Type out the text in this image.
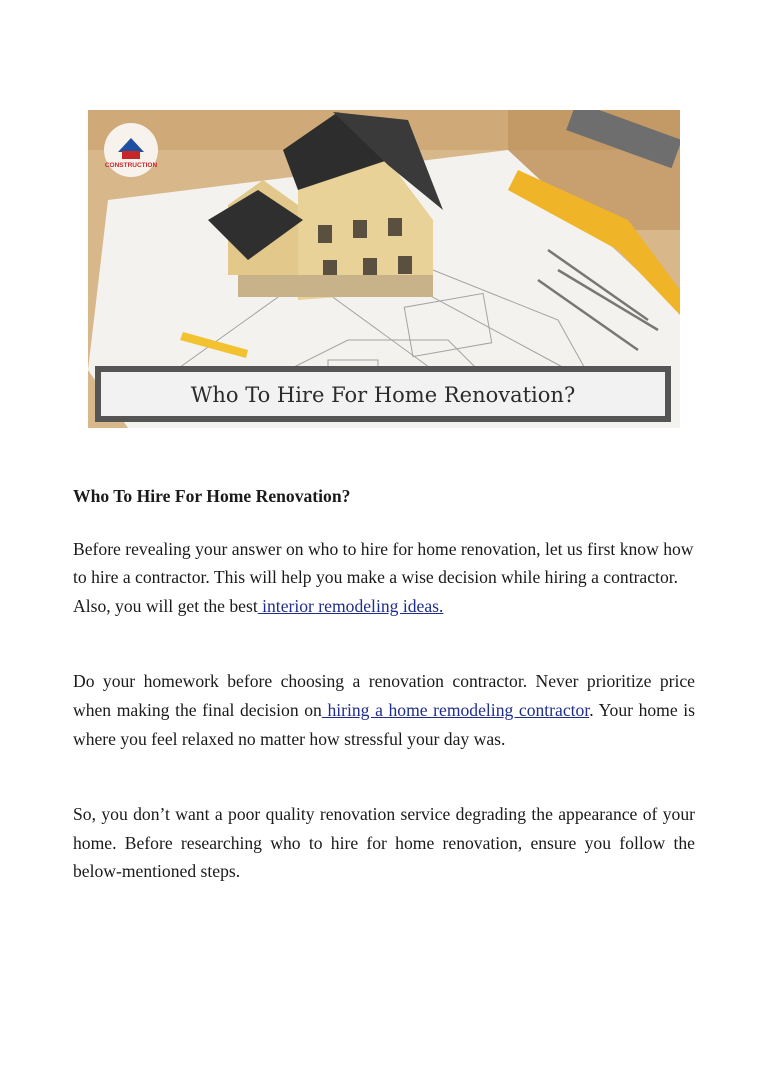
CONSTRUCTION
Who To Hire For Home Renovation?
Who To Hire For Home Renovation?

Before revealing your answer on who to hire for home renovation, let us first know how to hire a contractor. This will help you make a wise decision while hiring a contractor. Also, you will get the best interior remodeling ideas.

Do your homework before choosing a renovation contractor. Never prioritize price when making the final decision on hiring a home remodeling contractor. Your home is where you feel relaxed no matter how stressful your day was.

So, you don’t want a poor quality renovation service degrading the appearance of your home. Before researching who to hire for home renovation, ensure you follow the below-mentioned steps.
